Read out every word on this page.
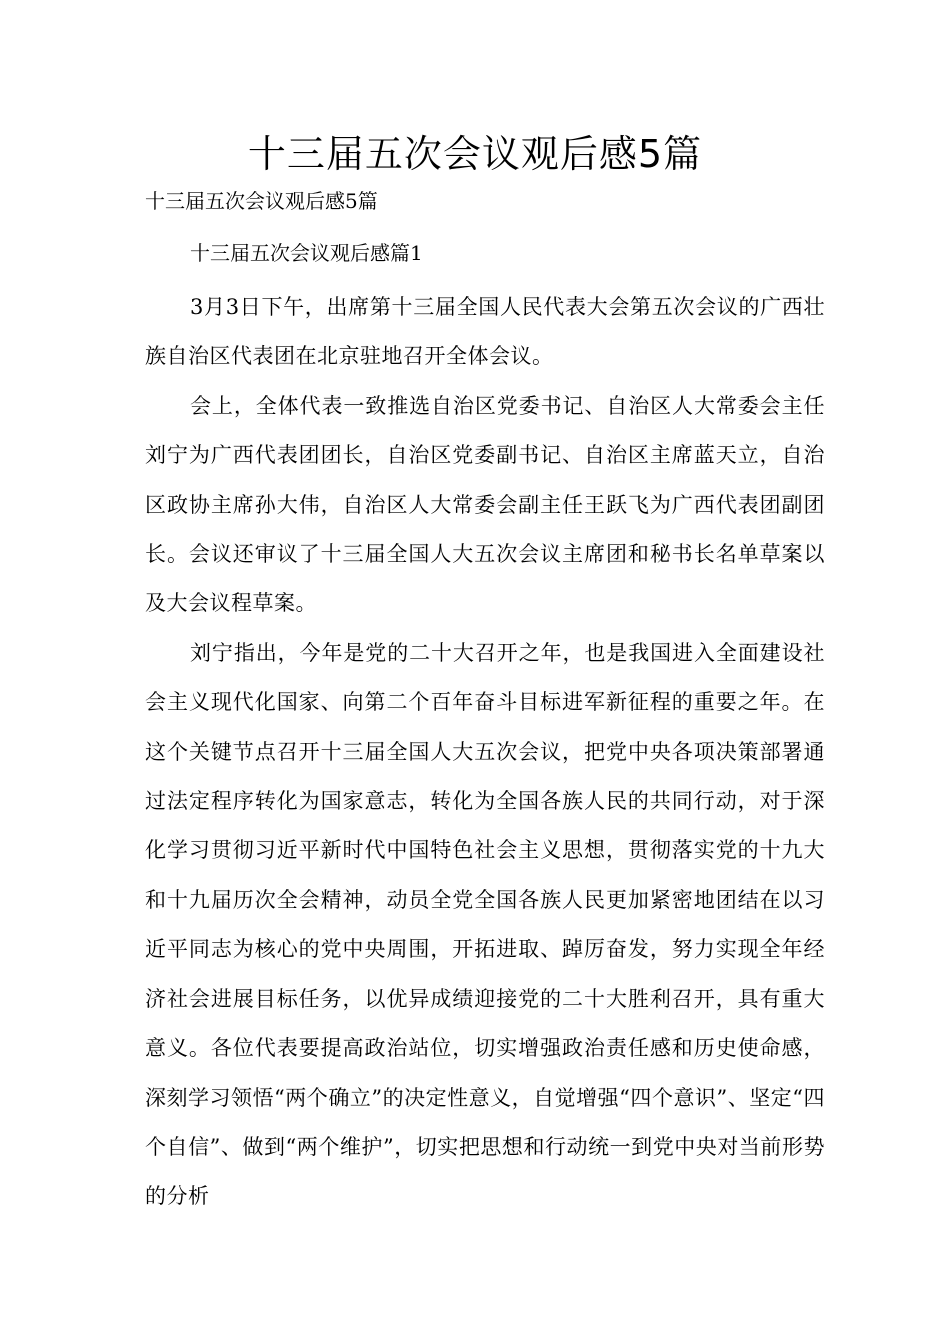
十三届五次会议观后感5篇

十三届五次会议观后感5篇

十三届五次会议观后感篇1

3月3日下午，出席第十三届全国人民代表大会第五次会议的广西壮族自治区代表团在北京驻地召开全体会议。

会上，全体代表一致推选自治区党委书记、自治区人大常委会主任刘宁为广西代表团团长，自治区党委副书记、自治区主席蓝天立，自治区政协主席孙大伟，自治区人大常委会副主任王跃飞为广西代表团副团长。会议还审议了十三届全国人大五次会议主席团和秘书长名单草案以及大会议程草案。

刘宁指出，今年是党的二十大召开之年，也是我国进入全面建设社会主义现代化国家、向第二个百年奋斗目标进军新征程的重要之年。在这个关键节点召开十三届全国人大五次会议，把党中央各项决策部署通过法定程序转化为国家意志，转化为全国各族人民的共同行动，对于深化学习贯彻习近平新时代中国特色社会主义思想，贯彻落实党的十九大和十九届历次全会精神，动员全党全国各族人民更加紧密地团结在以习近平同志为核心的党中央周围，开拓进取、踔厉奋发，努力实现全年经济社会进展目标任务，以优异成绩迎接党的二十大胜利召开，具有重大意义。各位代表要提高政治站位，切实增强政治责任感和历史使命感，深刻学习领悟“两个确立”的决定性意义，自觉增强“四个意识”、坚定“四个自信”、做到“两个维护”，切实把思想和行动统一到党中央对当前形势的分析
